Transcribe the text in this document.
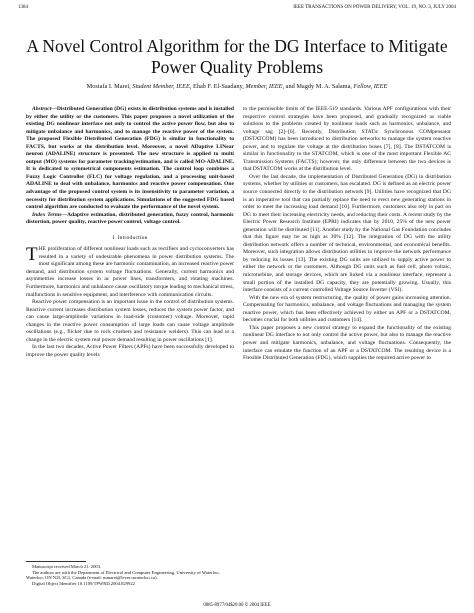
1384	IEEE TRANSACTIONS ON POWER DELIVERY, VOL. 19, NO. 3, JULY 2004
A Novel Control Algorithm for the DG Interface to Mitigate Power Quality Problems
Mostafa I. Marei, Student Member, IEEE, Ehab F. El-Saadany, Member, IEEE, and Magdy M. A. Salama, Fellow, IEEE

Abstract—Distributed Generation (DG) exists in distribution systems and is installed by either the utility or the customers. This paper proposes a novel utilization of the existing DG nonlinear interface not only to control the active power flow, but also to mitigate unbalance and harmonics, and to manage the reactive power of the system. The proposed Flexible Distributed Generation (FDG) is similar in functionality to FACTS, but works at the distribution level. Moreover, a novel ADaptive LINear neuron (ADALINE) structure is presented. The new structure is applied to multi output (MO) systems for parameter tracking/estimation, and is called MO-ADALINE. It is dedicated to symmetrical components estimation. The control loop combines a Fuzzy Logic Controller (FLC) for voltage regulation, and a processing unit-based ADALINE to deal with unbalance, harmonics and reactive power compensation. One advantage of the proposed control system is its insensitivity to parameter variation, a necessity for distribution system applications. Simulations of the suggested FDG based control algorithm are conducted to evaluate the performance of the novel system.

Index Terms—Adaptive estimation, distributed generation, fuzzy control, harmonic distortion, power quality, reactive power control, voltage control.

I. Introduction

THE proliferation of different nonlinear loads such as rectifiers and cycloconverters has resulted in a variety of undesirable phenomena in power distribution systems. The most significant among these are harmonic contamination, an increased reactive power demand, and distribution system voltage fluctuations. Generally, current harmonics and asymmetries increase losses in ac power lines, transformers, and rotating machines. Furthermore, harmonics and unbalance cause oscillatory torque leading to mechanical stress, malfunctions in sensitive equipment, and interference with communication circuits.

Reactive power compensation is an important issue in the control of distribution systems. Reactive current increases distribution system losses, reduces the system power factor, and can cause large-amplitude variations in load-side (customer) voltage. Moreover, rapid changes in the reactive power consumption of large loads can cause voltage amplitude oscillations (e.g., flicker due to rock crushers and resistance welders). This can lead to a change in the electric system real power demand resulting in power oscillations [1].

In the last two decades, Active Power Filters (APFs) have been successfully developed to improve the power quality levels

Manuscript received March 21, 2003.
The authors are with the Department of Electrical and Computer Engineering, University of Waterloo, Waterloo, ON N2L 3G1, Canada (e-mail: mmarei@lever.uwaterloo.ca).
Digital Object Identifier 10.1109/TPWRD.2004.829922

to the permissible limits of the IEEE-519 standards. Various APF configurations with their respective control strategies have been proposed, and gradually recognized as viable solutions to the problems created by nonlinear loads such as harmonics, unbalance, and voltage sag [2]–[6]. Recently, Distribution STATic Synchronous COMpensator (DSTATCOM) has been introduced to distribution networks to manage the system reactive power, and to regulate the voltage at the distribution buses [7], [8]. The DSTATCOM is similar in functionality to the STATCOM, which is one of the most important Flexible AC Transmission Systems (FACTS); however, the only difference between the two devices is that DSTATCOM works at the distribution level.

Over the last decade, the implementation of Distributed Generation (DG) in distribution systems, whether by utilities or customers, has escalated. DG is defined as an electric power source connected directly to the distribution network [9]. Utilities have recognized that DG is an imperative tool that can partially replace the need to erect new generating stations in order to meet the increasing load demand [10]. Furthermore, customers also rely in part on DG to meet their increasing electricity needs, and reducing their costs. A recent study by the Electric Power Research Institute (EPRI) indicates that by 2010, 25% of the new power generation will be distributed [11]. Another study by the National Gas Foundation concludes that this figure may be as high as 30% [12]. The integration of DG with the utility distribution network offers a number of technical, environmental, and economical benefits. Moreover, such integration allows distribution utilities to improve the network performance by reducing its losses [13]. The existing DG units are utilized to supply active power to either the network or the customers. Although DG units such as fuel cell, photo voltaic, microturbine, and storage devices, which are linked via a nonlinear interface, represent a small portion of the installed DG capacity, they are potentially growing. Usually, this interface consists of a current controlled Voltage Source Inverter (VSI).

With the new era of system restructuring, the quality of power gains increasing attention. Compensating for harmonics, unbalance, and voltage fluctuations and managing the system reactive power, which has been effectively achieved by either an APF or a DSTATCOM, becomes crucial for both utilities and customers [14].

This paper proposes a new control strategy to expand the functionality of the existing nonlinear DG interface to not only control the active power, but also to manage the reactive power and mitigate harmonics, unbalance, and voltage fluctuations. Consequently, the interface can emulate the function of an APF or a DSTATCOM. The resulting device is a Flexible Distributed Generation (FDG), which supplies the required active power to

0885-8977/04$20.00 © 2004 IEEE
